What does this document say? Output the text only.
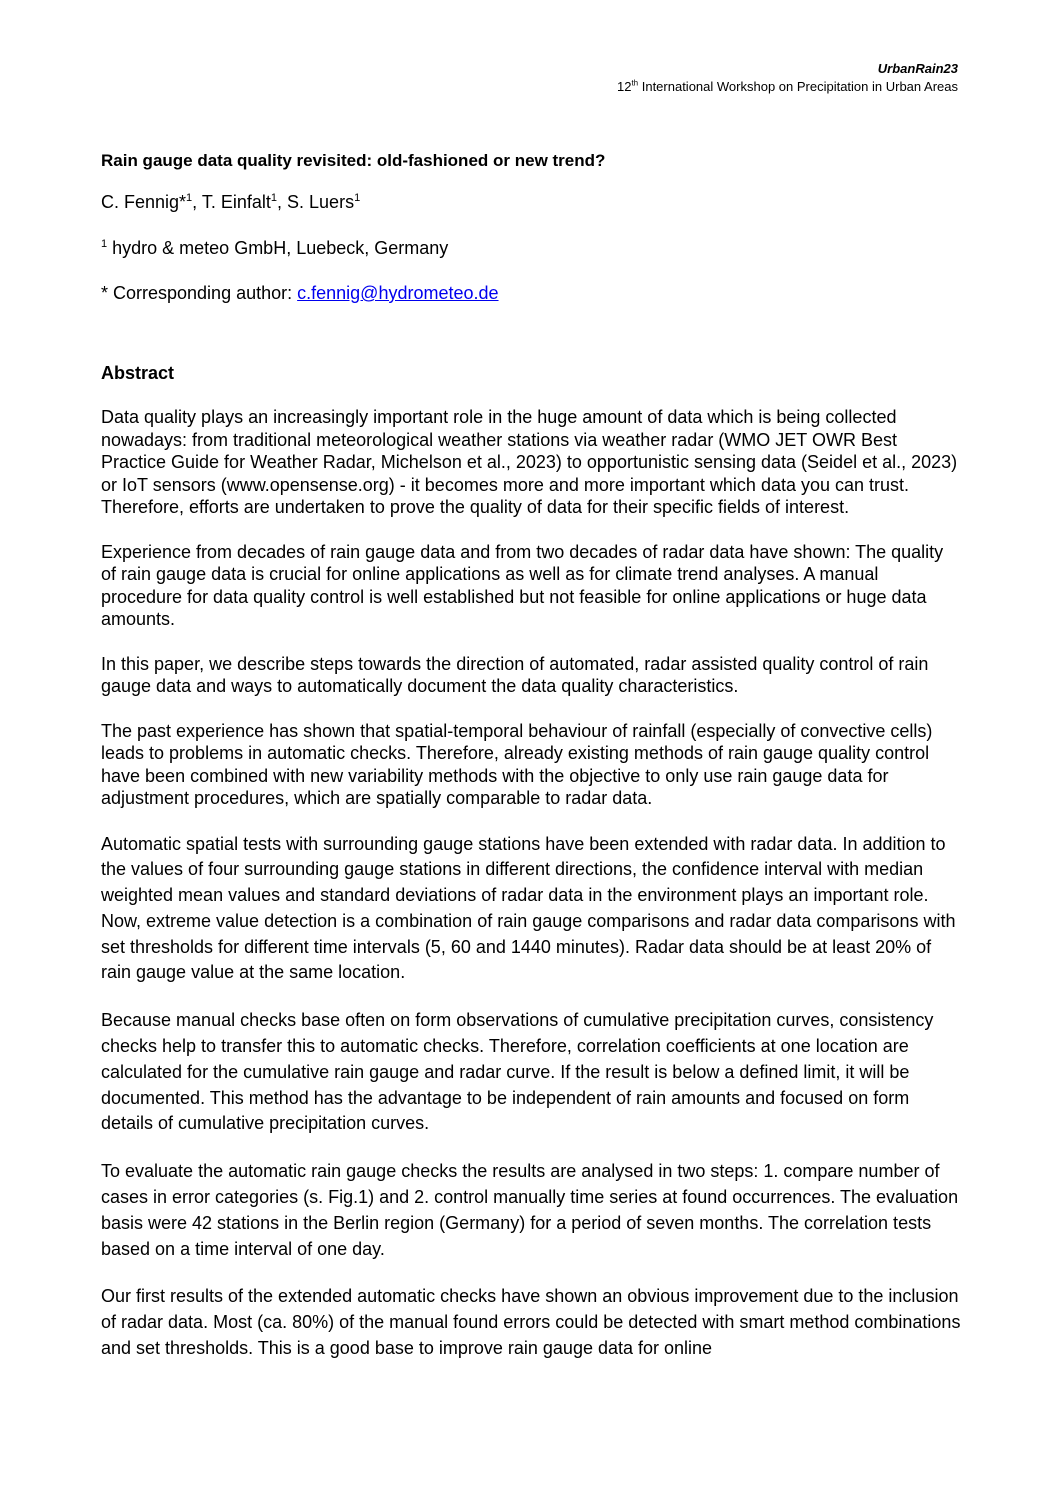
UrbanRain23
12th International Workshop on Precipitation in Urban Areas
Rain gauge data quality revisited: old-fashioned or new trend?
C. Fennig*$^1$, T. Einfalt$^1$, S. Luers$^1$
$^1$ hydro & meteo GmbH, Luebeck, Germany
* Corresponding author: c.fennig@hydrometeo.de
Abstract
Data quality plays an increasingly important role in the huge amount of data which is being collected nowadays: from traditional meteorological weather stations via weather radar (WMO JET OWR Best Practice Guide for Weather Radar, Michelson et al., 2023) to opportunistic sensing data (Seidel et al., 2023) or IoT sensors (www.opensense.org) - it becomes more and more important which data you can trust. Therefore, efforts are undertaken to prove the quality of data for their specific fields of interest.
Experience from decades of rain gauge data and from two decades of radar data have shown: The quality of rain gauge data is crucial for online applications as well as for climate trend analyses. A manual procedure for data quality control is well established but not feasible for online applications or huge data amounts.
In this paper, we describe steps towards the direction of automated, radar assisted quality control of rain gauge data and ways to automatically document the data quality characteristics.
The past experience has shown that spatial-temporal behaviour of rainfall (especially of convective cells) leads to problems in automatic checks. Therefore, already existing methods of rain gauge quality control have been combined with new variability methods with the objective to only use rain gauge data for adjustment procedures, which are spatially comparable to radar data.
Automatic spatial tests with surrounding gauge stations have been extended with radar data. In addition to the values of four surrounding gauge stations in different directions, the confidence interval with median weighted mean values and standard deviations of radar data in the environment plays an important role. Now, extreme value detection is a combination of rain gauge comparisons and radar data comparisons with set thresholds for different time intervals (5, 60 and 1440 minutes). Radar data should be at least 20% of rain gauge value at the same location.
Because manual checks base often on form observations of cumulative precipitation curves, consistency checks help to transfer this to automatic checks. Therefore, correlation coefficients at one location are calculated for the cumulative rain gauge and radar curve. If the result is below a defined limit, it will be documented. This method has the advantage to be independent of rain amounts and focused on form details of cumulative precipitation curves.
To evaluate the automatic rain gauge checks the results are analysed in two steps: 1. compare number of cases in error categories (s. Fig.1) and 2. control manually time series at found occurrences. The evaluation basis were 42 stations in the Berlin region (Germany) for a period of seven months. The correlation tests based on a time interval of one day.
Our first results of the extended automatic checks have shown an obvious improvement due to the inclusion of radar data. Most (ca. 80%) of the manual found errors could be detected with smart method combinations and set thresholds. This is a good base to improve rain gauge data for online
